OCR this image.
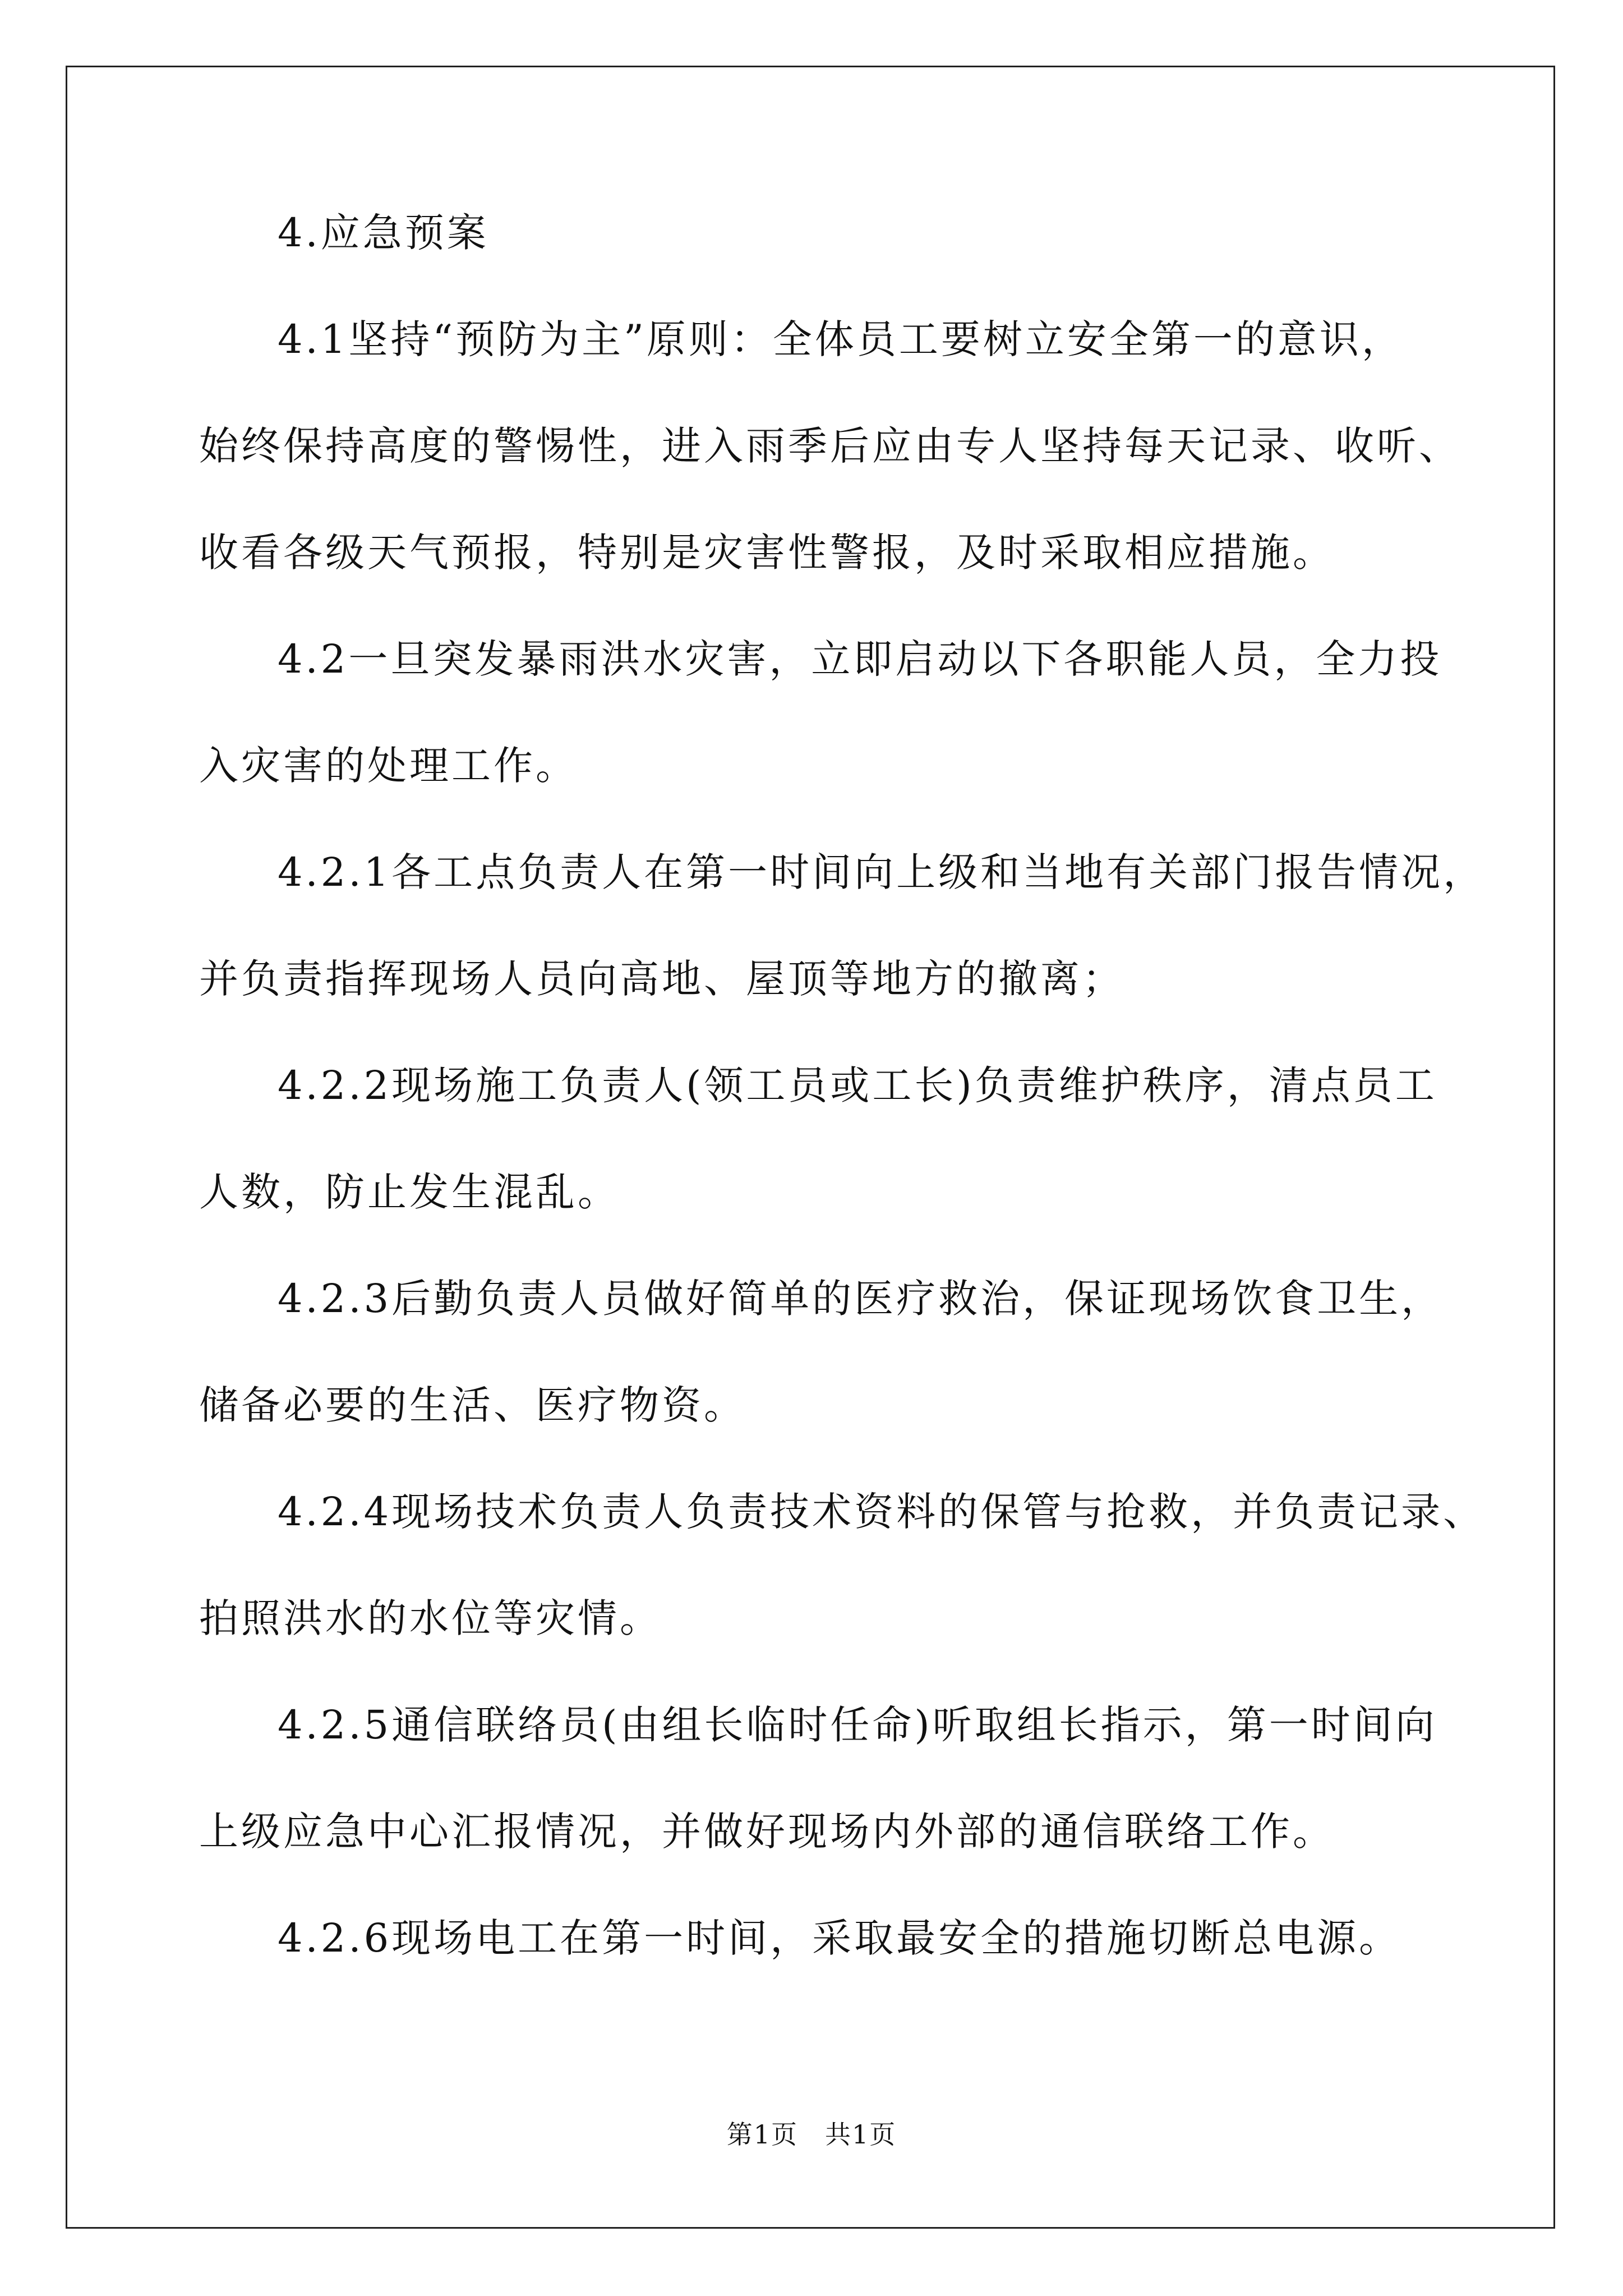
4.应急预案
4.1坚持“预防为主”原则：全体员工要树立安全第一的意识，
始终保持高度的警惕性，进入雨季后应由专人坚持每天记录、收听、
收看各级天气预报，特别是灾害性警报，及时采取相应措施。
4.2一旦突发暴雨洪水灾害，立即启动以下各职能人员，全力投
入灾害的处理工作。
4.2.1各工点负责人在第一时间向上级和当地有关部门报告情况，
并负责指挥现场人员向高地、屋顶等地方的撤离；
4.2.2现场施工负责人(领工员或工长)负责维护秩序，清点员工
人数，防止发生混乱。
4.2.3后勤负责人员做好简单的医疗救治，保证现场饮食卫生，
储备必要的生活、医疗物资。
4.2.4现场技术负责人负责技术资料的保管与抢救，并负责记录、
拍照洪水的水位等灾情。
4.2.5通信联络员(由组长临时任命)听取组长指示，第一时间向
上级应急中心汇报情况，并做好现场内外部的通信联络工作。
4.2.6现场电工在第一时间，采取最安全的措施切断总电源。
第1页　共1页
